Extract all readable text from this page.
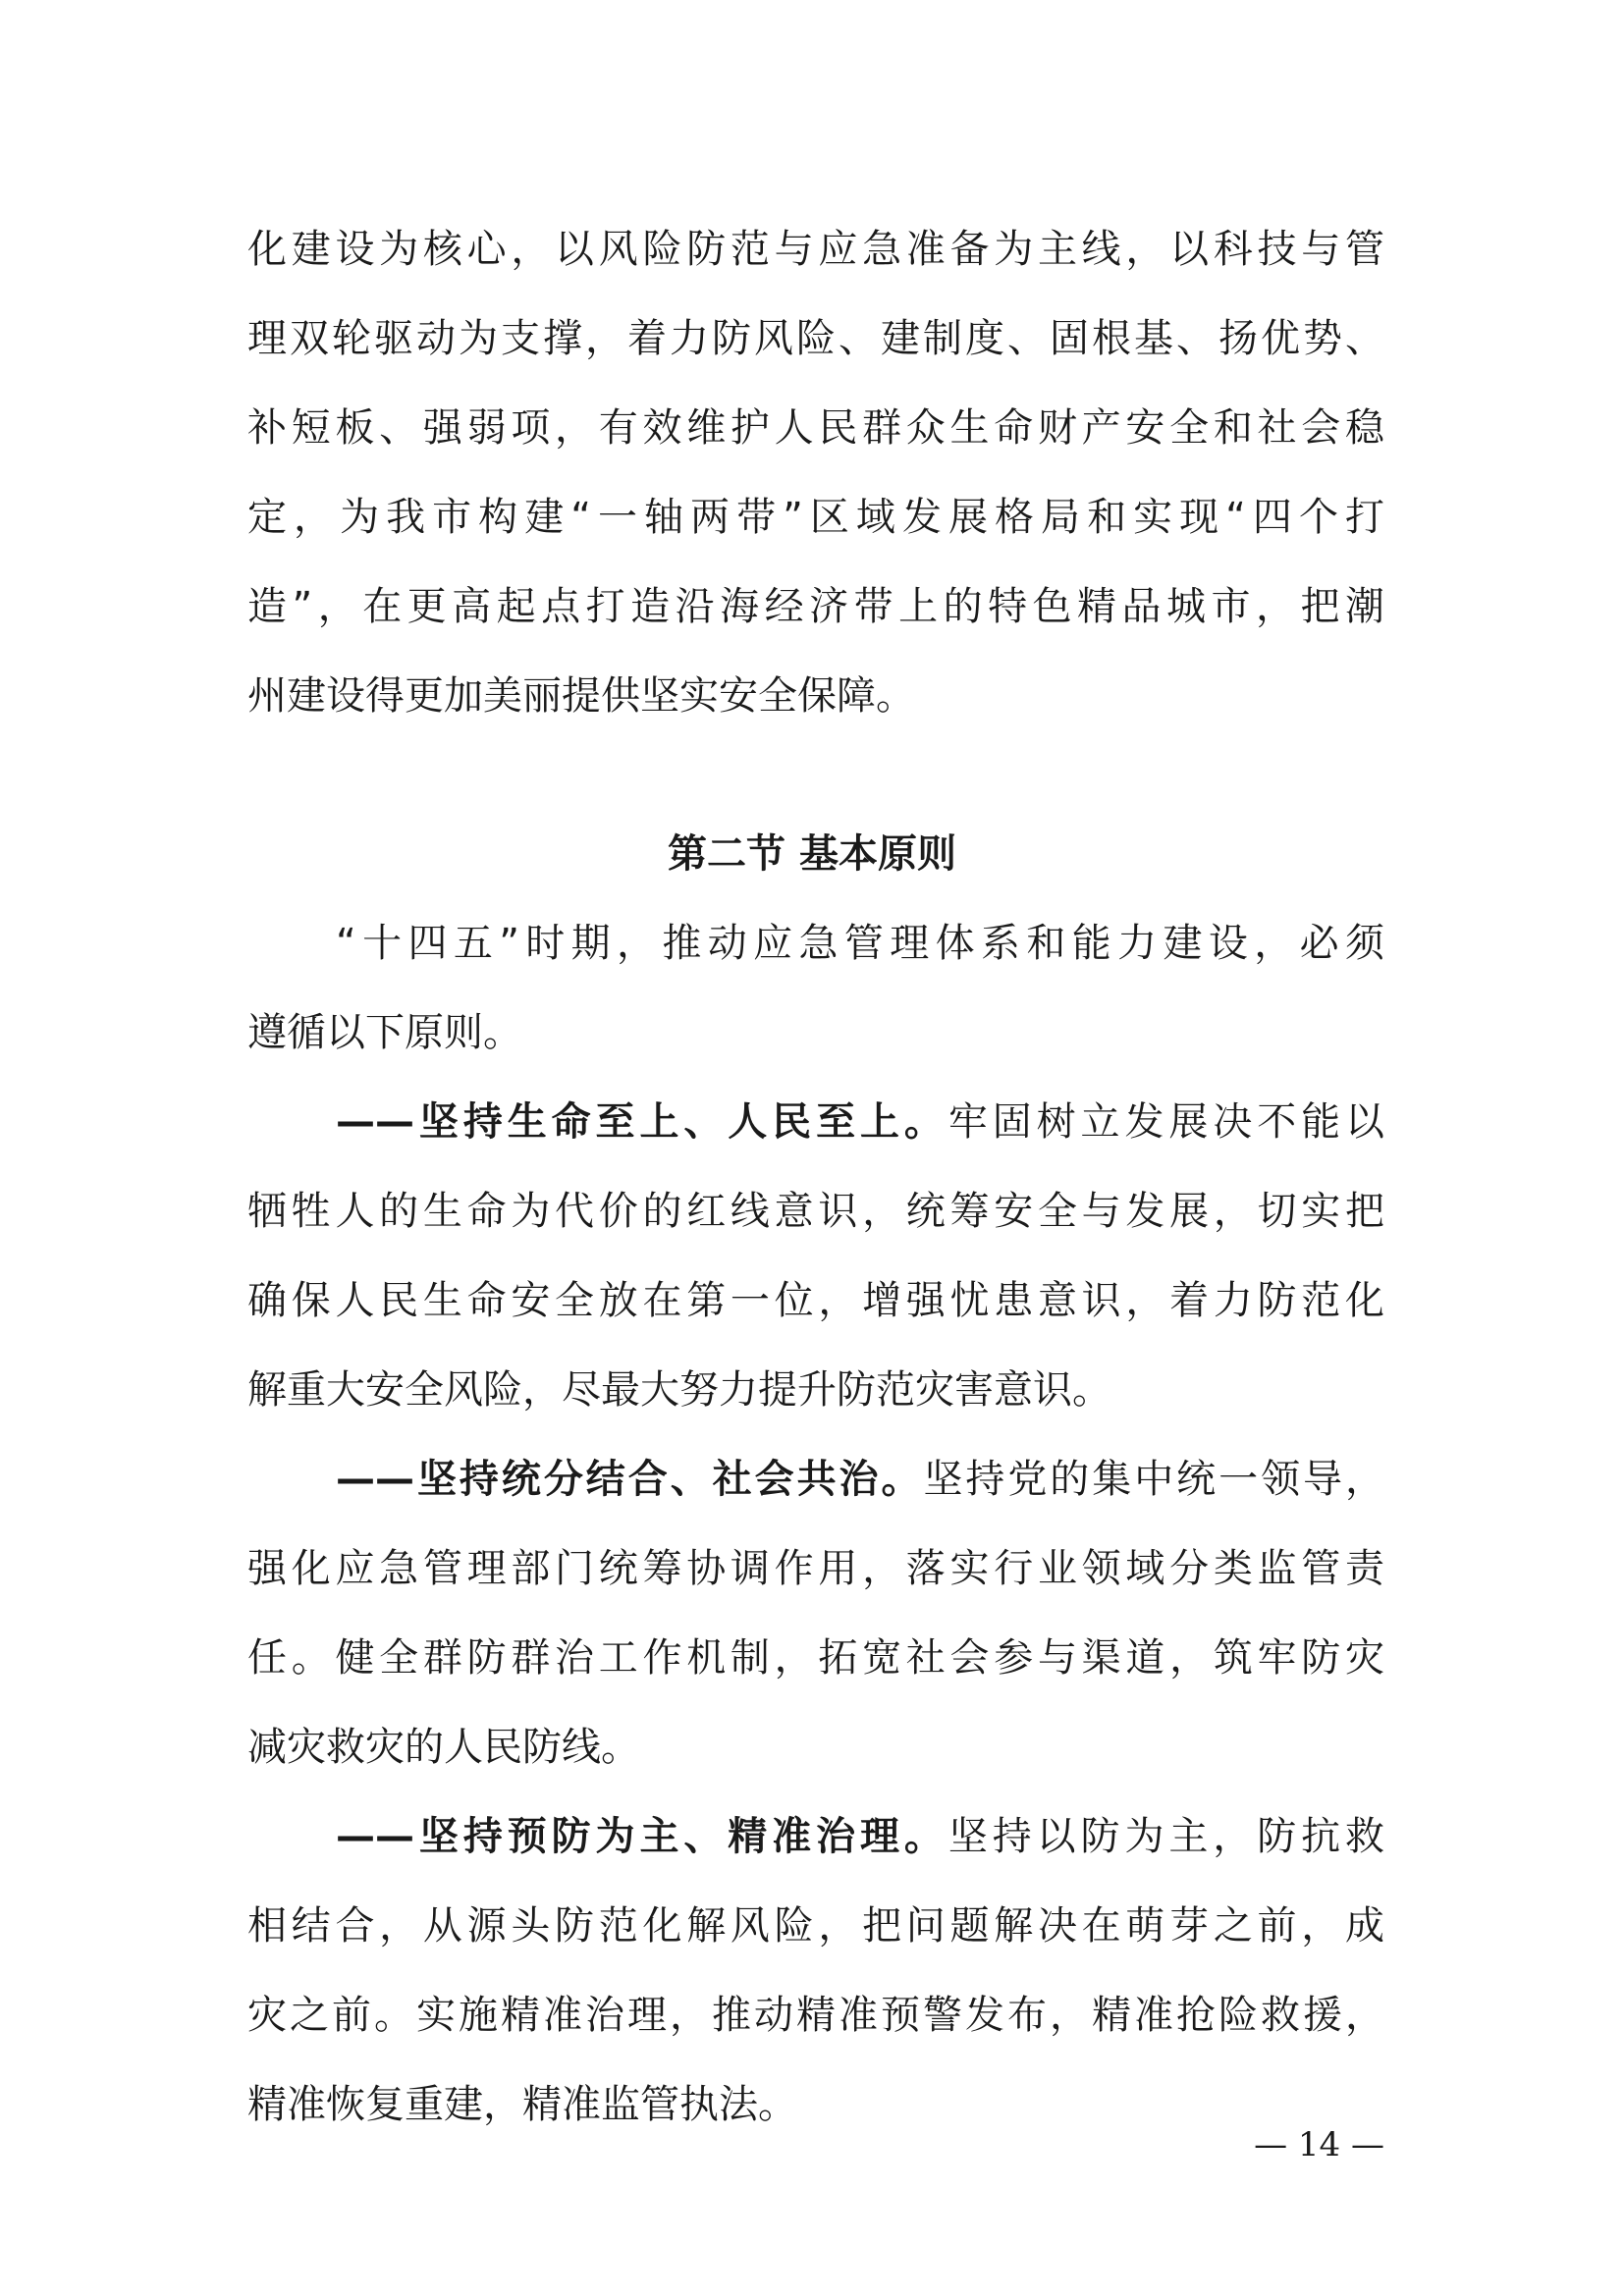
化建设为核心，以风险防范与应急准备为主线，以科技与管
理双轮驱动为支撑，着力防风险、建制度、固根基、扬优势、
补短板、强弱项，有效维护人民群众生命财产安全和社会稳
定，为我市构建“一轴两带”区域发展格局和实现“四个打
造”，在更高起点打造沿海经济带上的特色精品城市，把潮
州建设得更加美丽提供坚实安全保障。
第二节 基本原则
“十四五”时期，推动应急管理体系和能力建设，必须
遵循以下原则。
——坚持生命至上、人民至上。牢固树立发展决不能以
牺牲人的生命为代价的红线意识，统筹安全与发展，切实把
确保人民生命安全放在第一位，增强忧患意识，着力防范化
解重大安全风险，尽最大努力提升防范灾害意识。
——坚持统分结合、社会共治。坚持党的集中统一领导，
强化应急管理部门统筹协调作用，落实行业领域分类监管责
任。健全群防群治工作机制，拓宽社会参与渠道，筑牢防灾
减灾救灾的人民防线。
——坚持预防为主、精准治理。坚持以防为主，防抗救
相结合，从源头防范化解风险，把问题解决在萌芽之前，成
灾之前。实施精准治理，推动精准预警发布，精准抢险救援，
精准恢复重建，精准监管执法。
— 14 —
